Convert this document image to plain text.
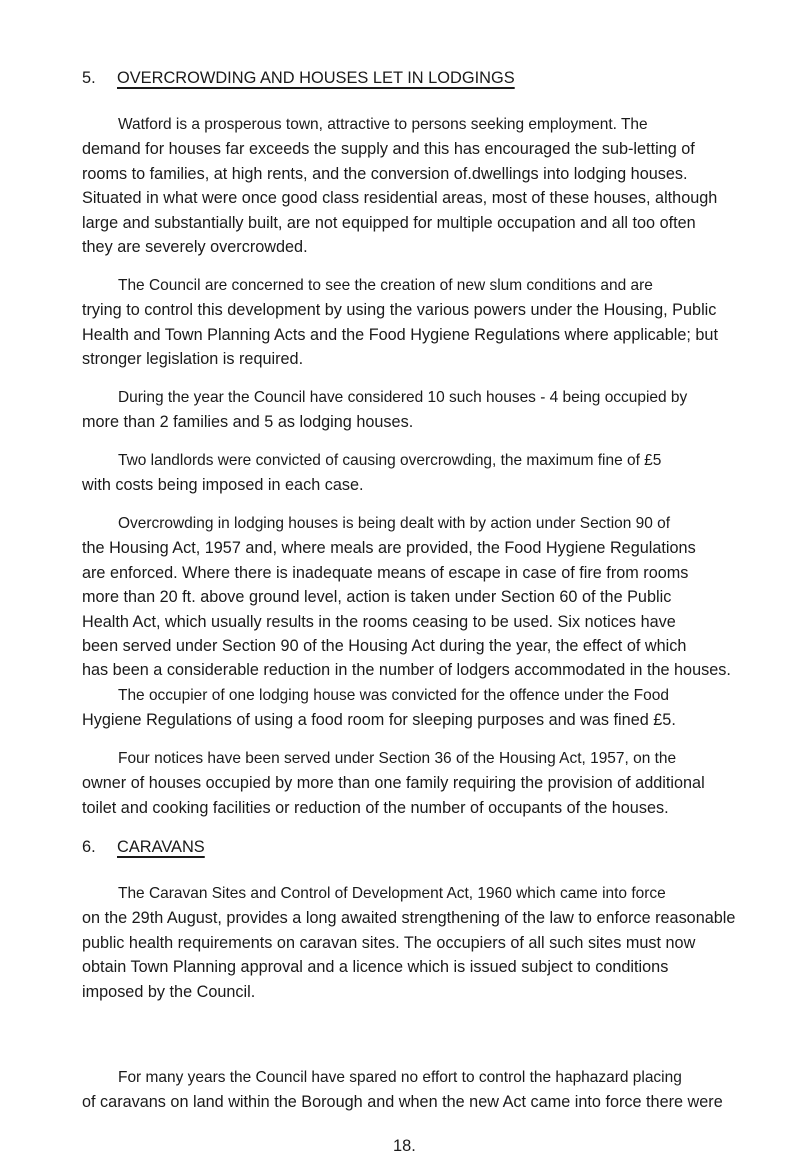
5. OVERCROWDING AND HOUSES LET IN LODGINGS
Watford is a prosperous town, attractive to persons seeking employment. The
demand for houses far exceeds the supply and this has encouraged the sub-letting of
rooms to families, at high rents, and the conversion of.dwellings into lodging houses.
Situated in what were once good class residential areas, most of these houses, although
large and substantially built, are not equipped for multiple occupation and all too often
they are severely overcrowded.
The Council are concerned to see the creation of new slum conditions and are
trying to control this development by using the various powers under the Housing, Public
Health and Town Planning Acts and the Food Hygiene Regulations where applicable; but
stronger legislation is required.
During the year the Council have considered 10 such houses - 4 being occupied by
more than 2 families and 5 as lodging houses.
Two landlords were convicted of causing overcrowding, the maximum fine of £5
with costs being imposed in each case.
Overcrowding in lodging houses is being dealt with by action under Section 90 of
the Housing Act, 1957 and, where meals are provided, the Food Hygiene Regulations
are enforced. Where there is inadequate means of escape in case of fire from rooms
more than 20 ft. above ground level, action is taken under Section 60 of the Public
Health Act, which usually results in the rooms ceasing to be used. Six notices have
been served under Section 90 of the Housing Act during the year, the effect of which
has been a considerable reduction in the number of lodgers accommodated in the houses.
The occupier of one lodging house was convicted for the offence under the Food
Hygiene Regulations of using a food room for sleeping purposes and was fined £5.
Four notices have been served under Section 36 of the Housing Act, 1957, on the
owner of houses occupied by more than one family requiring the provision of additional
toilet and cooking facilities or reduction of the number of occupants of the houses.
6. CARAVANS
The Caravan Sites and Control of Development Act, 1960 which came into force
on the 29th August, provides a long awaited strengthening of the law to enforce reasonable
public health requirements on caravan sites. The occupiers of all such sites must now
obtain Town Planning approval and a licence which is issued subject to conditions
imposed by the Council.
For many years the Council have spared no effort to control the haphazard placing
of caravans on land within the Borough and when the new Act came into force there were
18.
